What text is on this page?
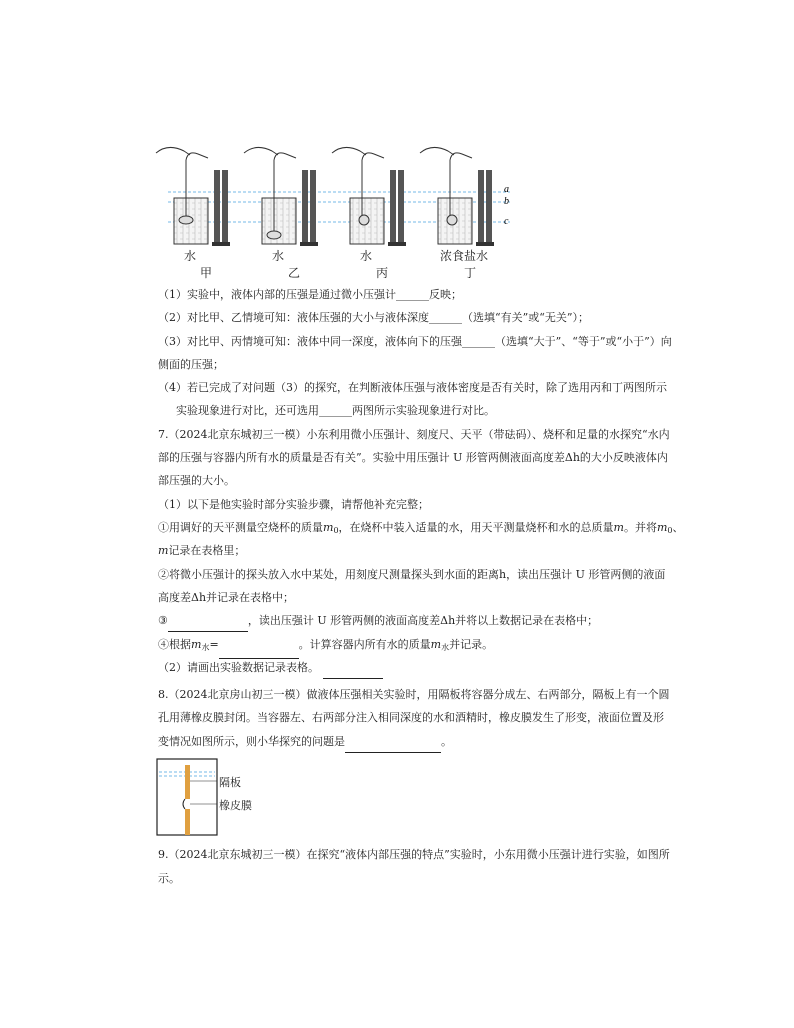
a
b
c
水	水	水	浓食盐水
甲	乙	丙	丁
（1）实验中，液体内部的压强是通过微小压强计______反映；
（2）对比甲、乙情境可知：液体压强的大小与液体深度______（选填“有关”或“无关”）；
（3）对比甲、丙情境可知：液体中同一深度，液体向下的压强______（选填“大于”、“等于”或“小于”）向
侧面的压强；
（4）若已完成了对问题（3）的探究，在判断液体压强与液体密度是否有关时，除了选用丙和丁两图所示
实验现象进行对比，还可选用______两图所示实验现象进行对比。
7.（2024北京东城初三一模）小东利用微小压强计、刻度尺、天平（带砝码）、烧杯和足量的水探究“水内
部的压强与容器内所有水的质量是否有关”。实验中用压强计 U 形管两侧液面高度差Δh的大小反映液体内
部压强的大小。
（1）以下是他实验时部分实验步骤，请帮他补充完整；
①用调好的天平测量空烧杯的质量$m_0$，在烧杯中装入适量的水，用天平测量烧杯和水的总质量m。并将$m_0$、
m记录在表格里；
②将微小压强计的探头放入水中某处，用刻度尺测量探头到水面的距离h，读出压强计 U 形管两侧的液面
高度差Δh并记录在表格中；
③	，读出压强计 U 形管两侧的液面高度差Δh并将以上数据记录在表格中；
④根据$m_水=$	。计算容器内所有水的质量$m_水$并记录。
（2）请画出实验数据记录表格。
8.（2024北京房山初三一模）做液体压强相关实验时，用隔板将容器分成左、右两部分，隔板上有一个圆
孔用薄橡皮膜封闭。当容器左、右两部分注入相同深度的水和酒精时，橡皮膜发生了形变，液面位置及形
变情况如图所示，则小华探究的问题是	。
隔板
橡皮膜
9.（2024北京东城初三一模）在探究“液体内部压强的特点”实验时，小东用微小压强计进行实验，如图所
示。
